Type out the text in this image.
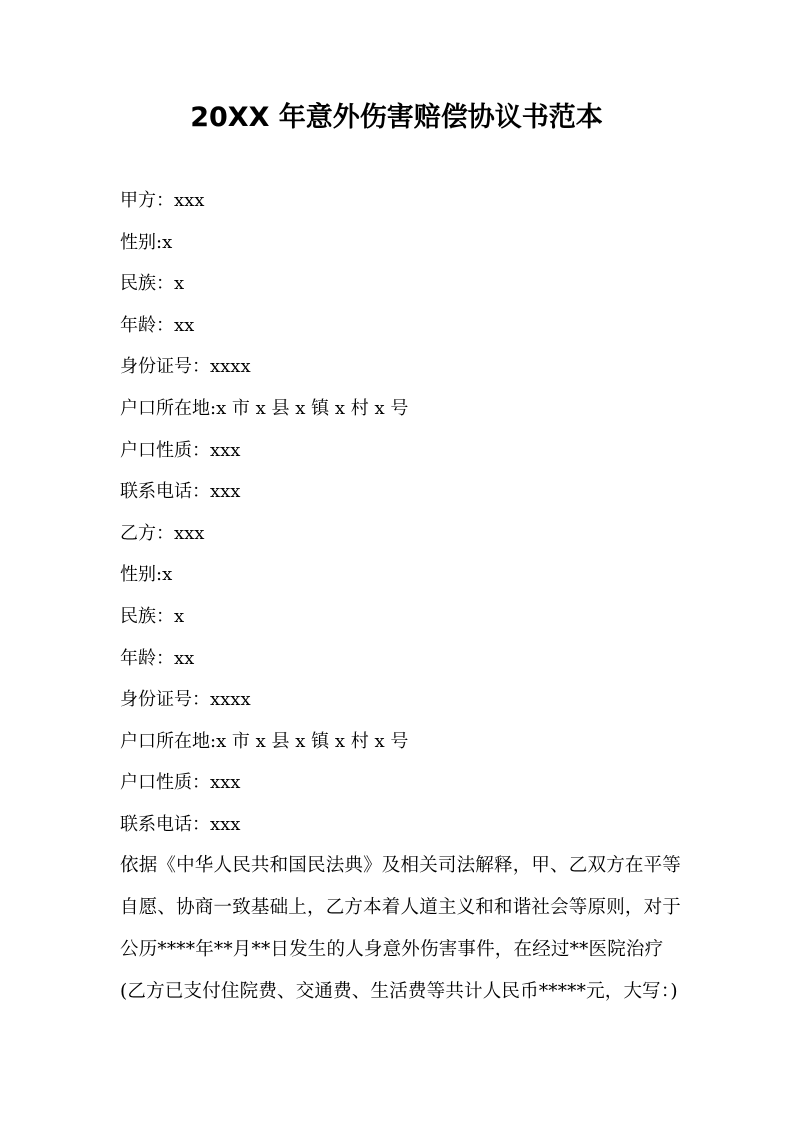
20XX 年意外伤害赔偿协议书范本
甲方：xxx
性别:x
民族：x
年龄：xx
身份证号：xxxx
户口所在地:x 市 x 县 x 镇 x 村 x 号
户口性质：xxx
联系电话：xxx
乙方：xxx
性别:x
民族：x
年龄：xx
身份证号：xxxx
户口所在地:x 市 x 县 x 镇 x 村 x 号
户口性质：xxx
联系电话：xxx
依据《中华人民共和国民法典》及相关司法解释，甲、乙双方在平等
自愿、协商一致基础上，乙方本着人道主义和和谐社会等原则，对于
公历****年**月**日发生的人身意外伤害事件，在经过**医院治疗
(乙方已支付住院费、交通费、生活费等共计人民币*****元，大写：)
